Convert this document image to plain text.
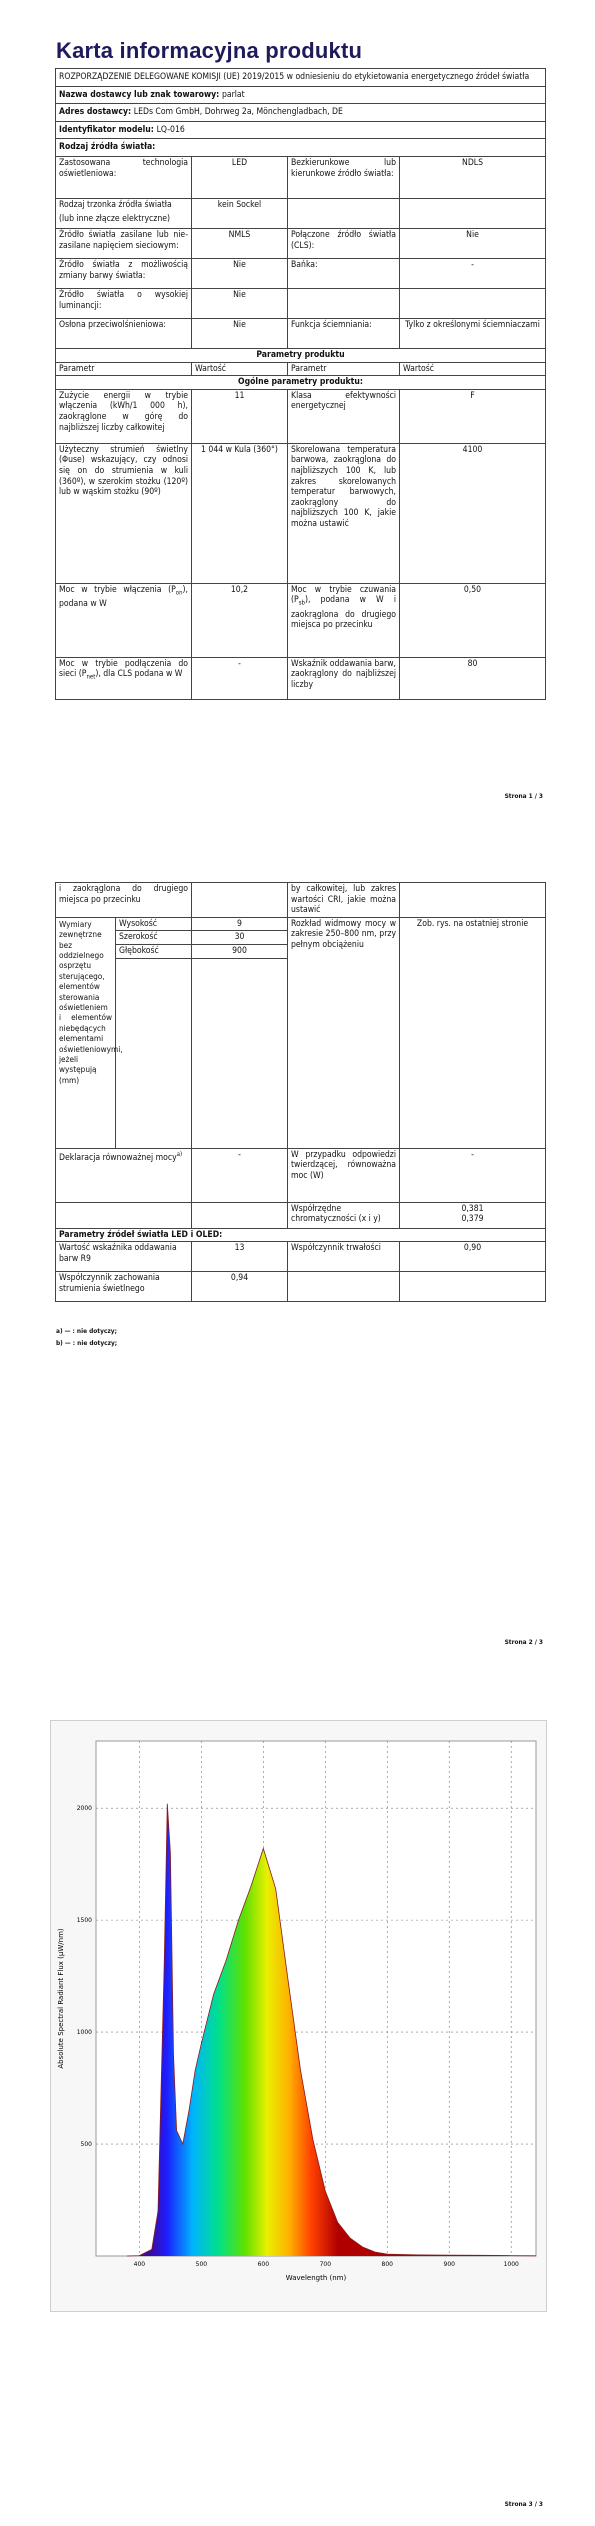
Karta informacyjna produktu
ROZPORZĄDZENIE DELEGOWANE KOMISJI (UE) 2019/2015 w odniesieniu do etykietowania energetycznego źródeł światła			
Nazwa dostawcy lub znak towarowy: parlat			
Adres dostawcy: LEDs Com GmbH, Dohrweg 2a, Mönchengladbach, DE			
Identyfikator modelu: LQ-016			
Rodzaj źródła światła:			
Zastosowana technologia oświetleniowa:	LED	Bezkierunkowe lub kierunkowe źródło światła:	NDLS

Rodzaj trzonka źródła światła
(lub inne złącze elektryczne)	kein Sockel		
Źródło światła zasilane lub nie-zasilane napięciem sieciowym:	NMLS	Połączone źródło światła (CLS):	Nie
Źródło światła z możliwością zmiany barwy światła:	Nie	Bańka:	-
Źródło światła o wysokiej luminancji:	Nie		
Osłona przeciwolśnieniowa:	Nie	Funkcja ściemniania:	Tylko z określonymi ściemniaczami
Parametry produktu			
Parametr	Wartość	Parametr	Wartość
Ogólne parametry produktu:			
Zużycie energii w trybie włączenia (kWh/1 000 h), zaokrąglone w górę do najbliższej liczby całkowitej	11	Klasa efektywności energetycznej	F
Użyteczny strumień świetlny (Φuse) wskazujący, czy odnosi się on do strumienia w kuli (360º), w szerokim stożku (120º) lub w wąskim stożku (90º)	1 044 w Kula (360°)	Skorelowana temperatura barwowa, zaokrąglona do najbliższych 100 K, lub zakres skorelowanych temperatur barwowych, zaokrąglony do najbliższych 100 K, jakie można ustawić	4100
Moc w trybie włączenia $(P_{on})$, podana w W	10,2	Moc w trybie czuwania $(P_{sb})$, podana w W i zaokrąglona do drugiego miejsca po przecinku	0,50
Moc w trybie podłączenia do sieci $(P_{net})$, dla CLS podana w W	-	Wskaźnik oddawania barw, zaokrąglony do najbliższej liczby	80
Strona 1 / 3
i zaokrąglona do drugiego miejsca po przecinku			by całkowitej, lub zakres wartości CRI, jakie można ustawić	
Wymiary zewnętrzne bez oddzielnego osprzętu sterującego, elementów sterowania oświetleniem i elementów niebędących elementami oświetleniowymi, jeżeli występują (mm)	Wysokość	9	Rozkład widmowy mocy w zakresie 250–800 nm, przy pełnym obciążeniu	Zob. rys. na ostatniej stronie
	Szerokość	30		
	Głębokość	900		

Deklaracja równoważnej mocy$^{a)}$		-	W przypadku odpowiedzi twierdzącej, równoważna moc (W)	-
			Współrzędne chromatyczności (x i y)	0,381
0,379

Parametry źródeł światła LED i OLED:				
Wartość wskaźnika oddawania barw R9		13	Współczynnik trwałości	0,90
Współczynnik zachowania strumienia świetlnego		0,94		
a) — : nie dotyczy;
b) — : nie dotyczy;
Strona 2 / 3
400	500	600	700	800	900	1000
500
1000
1500
2000
Wavelength (nm)
Absolute Spectral Radiant Flux (μW/nm)
Strona 3 / 3
